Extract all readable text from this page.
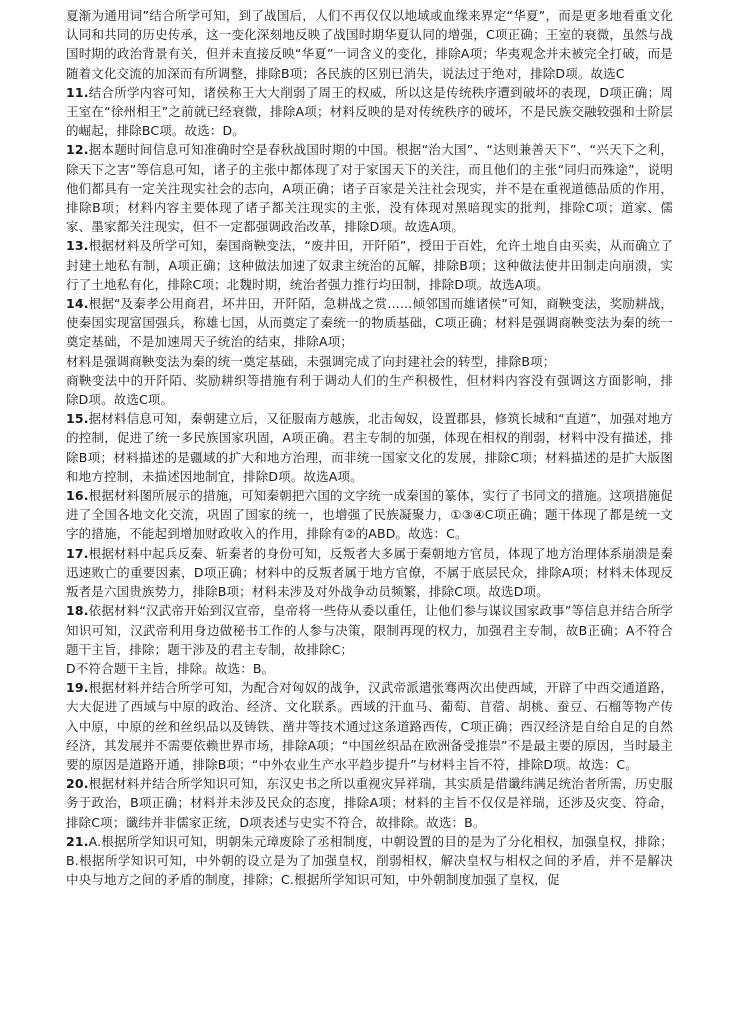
夏渐为通用词”结合所学可知，到了战国后，人们不再仅仅以地域或血缘来界定“华夏”，而是更多地看重文化认同和共同的历史传承，这一变化深刻地反映了战国时期华夏认同的增强，C项正确；王室的衰微，虽然与战国时期的政治背景有关，但并未直接反映“华夏”一词含义的变化，排除A项；华夷观念并未被完全打破，而是随着文化交流的加深而有所调整，排除B项；各民族的区别已消失，说法过于绝对，排除D项。故选C

11.结合所学内容可知，诸侯称王大大削弱了周王的权威，所以这是传统秩序遭到破坏的表现，D项正确；周王室在“徐州相王”之前就已经衰微，排除A项；材料反映的是对传统秩序的破坏，不是民族交融较强和士阶层的崛起，排除BC项。故选：D。

12.据本题时间信息可知准确时空是春秋战国时期的中国。根据“治大国”、“达则兼善天下”、“兴天下之利，除天下之害”等信息可知，诸子的主张中都体现了对于家国天下的关注，而且他们的主张“同归而殊途”，说明他们都具有一定关注现实社会的志向，A项正确；诸子百家是关注社会现实，并不是在重视道德品质的作用，排除B项；材料内容主要体现了诸子都关注现实的主张，没有体现对黑暗现实的批判，排除C项；道家、儒家、墨家都关注现实，但不一定都强调政治改革，排除D项。故选A项。

13.根据材料及所学可知，秦国商鞅变法，“废井田，开阡陌”，授田于百姓，允许土地自由买卖，从而确立了封建土地私有制，A项正确；这种做法加速了奴隶主统治的瓦解，排除B项；这种做法使井田制走向崩溃，实行了土地私有化，排除C项；北魏时期，统治者强力推行均田制，排除D项。故选A项。

14.根据“及秦孝公用商君，坏井田，开阡陌，急耕战之赏……倾邻国而雄诸侯”可知，商鞅变法，奖励耕战，使秦国实现富国强兵，称雄七国，从而奠定了秦统一的物质基础，C项正确；材料是强调商鞅变法为秦的统一奠定基础，不是加速周天子统治的结束，排除A项；
材料是强调商鞅变法为秦的统一奠定基础，未强调完成了向封建社会的转型，排除B项；
商鞅变法中的开阡陌、奖励耕织等措施有利于调动人们的生产积极性，但材料内容没有强调这方面影响，排除D项。故选C项。

15.据材料信息可知，秦朝建立后，又征服南方越族，北击匈奴，设置郡县，修筑长城和“直道”，加强对地方的控制，促进了统一多民族国家巩固，A项正确。君主专制的加强，体现在相权的削弱，材料中没有描述，排除B项；材料描述的是疆域的扩大和地方治理，而非统一国家文化的发展，排除C项；材料描述的是扩大版图和地方控制，未描述因地制宜，排除D项。故选A项。

16.根据材料图所展示的措施，可知秦朝把六国的文字统一成秦国的篆体，实行了书同文的措施。这项措施促进了全国各地文化交流，巩固了国家的统一，也增强了民族凝聚力，①③④C项正确；题干体现了都是统一文字的措施，不能起到增加财政收入的作用，排除有②的ABD。故选：C。

17.根据材料中起兵反秦、斩秦者的身份可知，反叛者大多属于秦朝地方官员，体现了地方治理体系崩溃是秦迅速败亡的重要因素，D项正确；材料中的反叛者属于地方官僚，不属于底层民众，排除A项；材料未体现反叛者是六国贵族势力，排除B项；材料未涉及对外战争动员频繁，排除C项。故选D项。

18.依据材料“汉武帝开始到汉宣帝，皇帝将一些侍从委以重任，让他们参与谋议国家政事”等信息并结合所学知识可知，汉武帝利用身边做秘书工作的人参与决策，限制再现的权力，加强君主专制，故B正确；A不符合题干主旨，排除；题干涉及的君主专制，故排除C；
D不符合题干主旨，排除。故选：B。

19.根据材料并结合所学可知，为配合对匈奴的战争，汉武帝派遣张骞两次出使西域，开辟了中西交通道路，大大促进了西域与中原的政治、经济、文化联系。西域的汗血马、葡萄、苜蓿、胡桃、蚕豆、石榴等物产传入中原，中原的丝和丝织品以及铸铁、凿井等技术通过这条道路西传，C项正确；西汉经济是自给自足的自然经济，其发展并不需要依赖世界市场，排除A项；“中国丝织品在欧洲备受推崇”不是最主要的原因，当时最主要的原因是道路开通，排除B项；“中外农业生产水平趋步提升”与材料主旨不符，排除D项。故选：C。

20.根据材料并结合所学知识可知，东汉史书之所以重视灾异祥瑞，其实质是借谶纬满足统治者所需，历史服务于政治，B项正确；材料并未涉及民众的态度，排除A项；材料的主旨不仅仅是祥瑞，还涉及灾变、符命，排除C项；谶纬并非儒家正统，D项表述与史实不符合，故排除。故选：B。

21.A.根据所学知识可知，明朝朱元璋废除了丞相制度，中朝设置的目的是为了分化相权，加强皇权，排除；B.根据所学知识可知，中外朝的设立是为了加强皇权，削弱相权，解决皇权与相权之间的矛盾，并不是解决中央与地方之间的矛盾的制度，排除；C.根据所学知识可知，中外朝制度加强了皇权，促
